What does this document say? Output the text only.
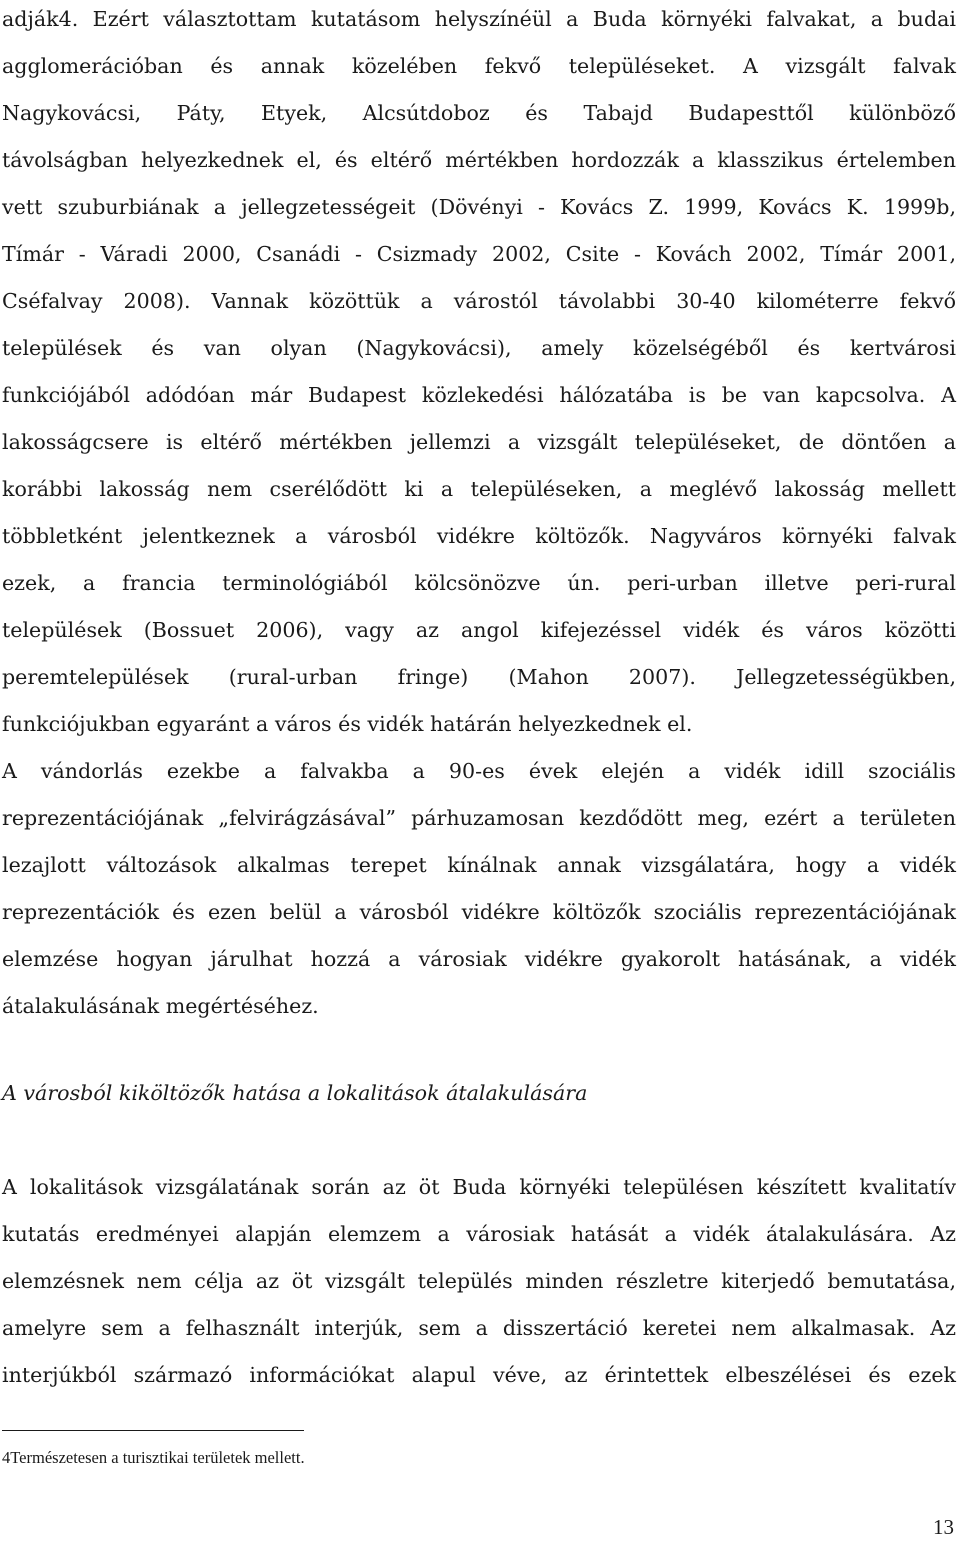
adják4. Ezért választottam kutatásom helyszínéül a Buda környéki falvakat, a budai
agglomerációban és annak közelében fekvő településeket. A vizsgált falvak
Nagykovácsi, Páty, Etyek, Alcsútdoboz és Tabajd Budapesttől különböző
távolságban helyezkednek el, és eltérő mértékben hordozzák a klasszikus értelemben
vett szuburbiának a jellegzetességeit (Dövényi - Kovács Z. 1999, Kovács K. 1999b,
Tímár - Váradi 2000, Csanádi - Csizmady 2002, Csite - Kovách 2002, Tímár 2001,
Cséfalvay 2008). Vannak közöttük a várostól távolabbi 30-40 kilométerre fekvő
települések és van olyan (Nagykovácsi), amely közelségéből és kertvárosi
funkciójából adódóan már Budapest közlekedési hálózatába is be van kapcsolva. A
lakosságcsere is eltérő mértékben jellemzi a vizsgált településeket, de döntően a
korábbi lakosság nem cserélődött ki a településeken, a meglévő lakosság mellett
többletként jelentkeznek a városból vidékre költözők. Nagyváros környéki falvak
ezek, a francia terminológiából kölcsönözve ún. peri-urban illetve peri-rural
települések (Bossuet 2006), vagy az angol kifejezéssel vidék és város közötti
peremtelepülések (rural-urban fringe) (Mahon 2007). Jellegzetességükben,
funkciójukban egyaránt a város és vidék határán helyezkednek el.
A vándorlás ezekbe a falvakba a 90-es évek elején a vidék idill szociális
reprezentációjának „felvirágzásával” párhuzamosan kezdődött meg, ezért a területen
lezajlott változások alkalmas terepet kínálnak annak vizsgálatára, hogy a vidék
reprezentációk és ezen belül a városból vidékre költözők szociális reprezentációjának
elemzése hogyan járulhat hozzá a városiak vidékre gyakorolt hatásának, a vidék
átalakulásának megértéséhez.
A városból kiköltözők hatása a lokalitások átalakulására
A lokalitások vizsgálatának során az öt Buda környéki településen készített kvalitatív
kutatás eredményei alapján elemzem a városiak hatását a vidék átalakulására. Az
elemzésnek nem célja az öt vizsgált település minden részletre kiterjedő bemutatása,
amelyre sem a felhasznált interjúk, sem a disszertáció keretei nem alkalmasak. Az
interjúkból származó információkat alapul véve, az érintettek elbeszélései és ezek
4Természetesen a turisztikai területek mellett.
13
